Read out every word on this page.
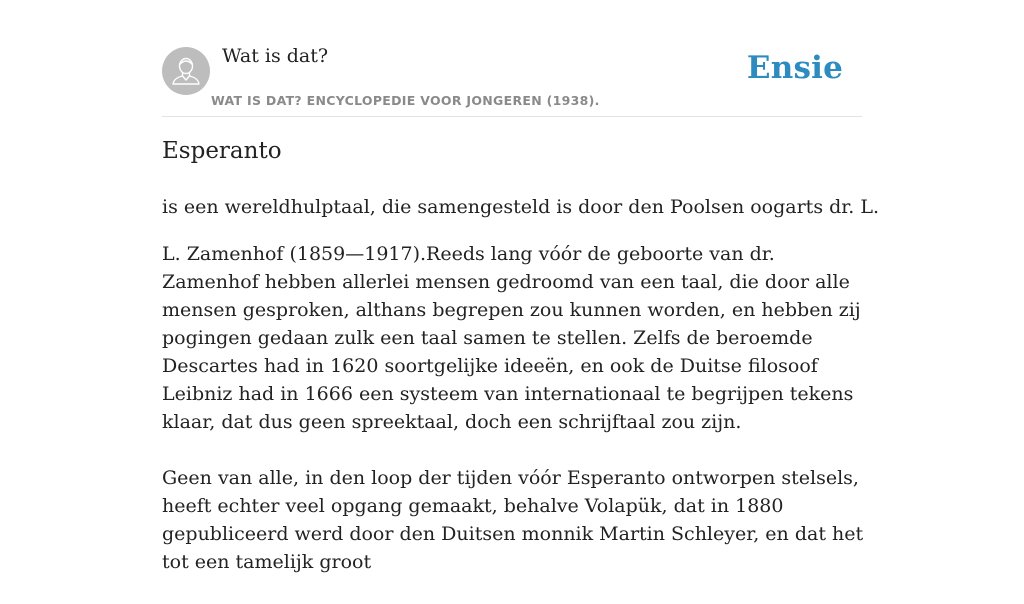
Wat is dat?
WAT IS DAT? ENCYCLOPEDIE VOOR JONGEREN (1938).
Ensie
Esperanto

is een wereldhulptaal, die samengesteld is door den Poolsen oogarts dr. L.

L. Zamenhof (1859—1917).Reeds lang vóór de geboorte van dr. Zamenhof hebben allerlei mensen gedroomd van een taal, die door alle mensen gesproken, althans begrepen zou kunnen worden, en hebben zij pogingen gedaan zulk een taal samen te stellen. Zelfs de beroemde Descartes had in 1620 soortgelijke ideeën, en ook de Duitse filosoof Leibniz had in 1666 een systeem van internationaal te begrijpen tekens klaar, dat dus geen spreektaal, doch een schrijftaal zou zijn.

Geen van alle, in den loop der tijden vóór Esperanto ontworpen stelsels, heeft echter veel opgang gemaakt, behalve Volapük, dat in 1880 gepubliceerd werd door den Duitsen monnik Martin Schleyer, en dat het tot een tamelijk groot
